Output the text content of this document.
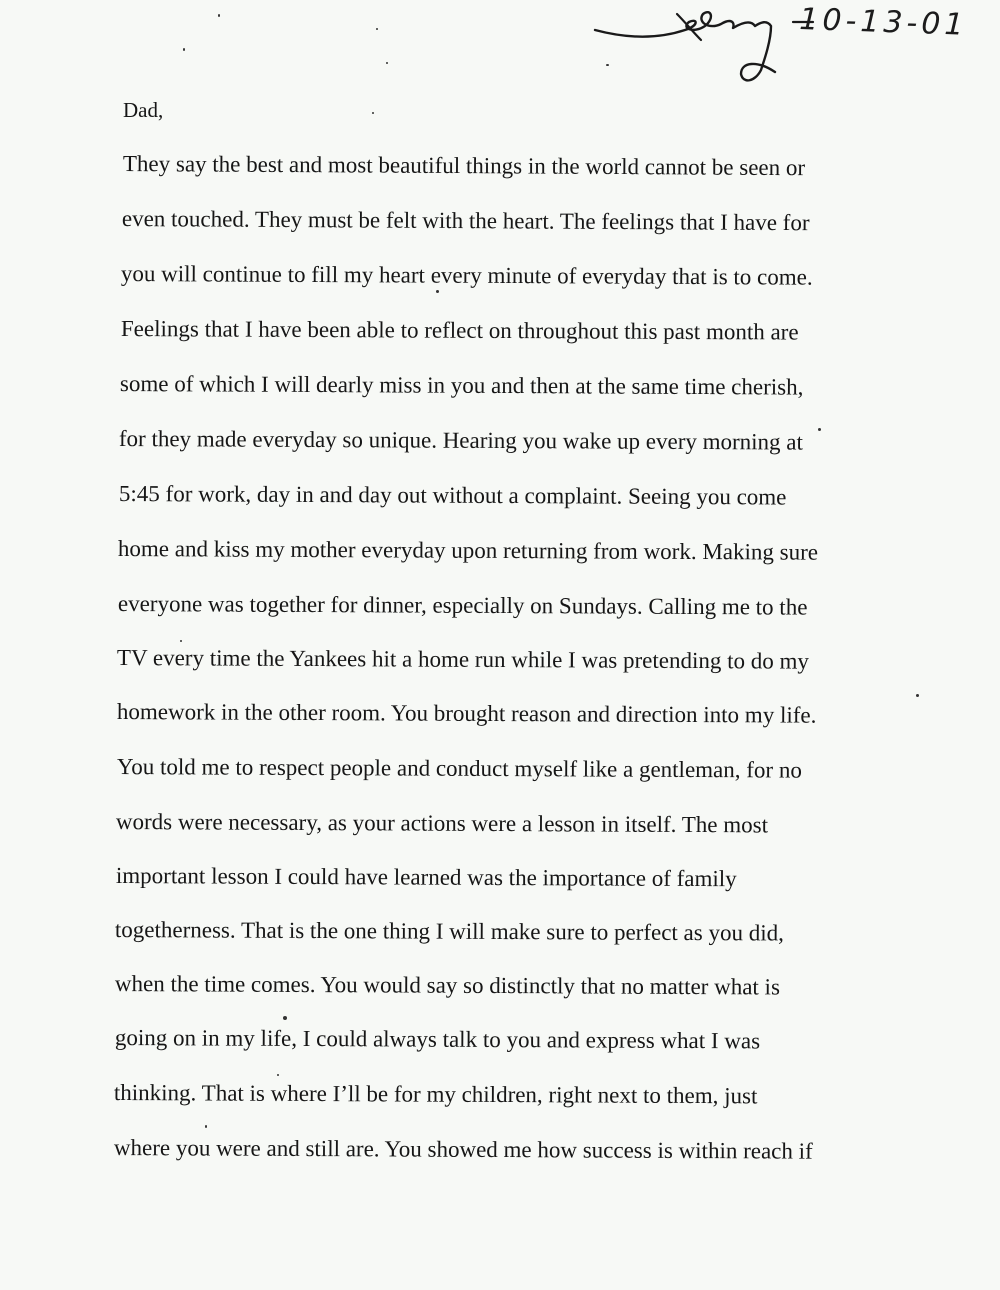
10-13-01

Dad,

They say the best and most beautiful things in the world cannot be seen or
even touched. They must be felt with the heart. The feelings that I have for
you will continue to fill my heart every minute of everyday that is to come.
Feelings that I have been able to reflect on throughout this past month are
some of which I will dearly miss in you and then at the same time cherish,
for they made everyday so unique. Hearing you wake up every morning at
5:45 for work, day in and day out without a complaint. Seeing you come
home and kiss my mother everyday upon returning from work. Making sure
everyone was together for dinner, especially on Sundays. Calling me to the
TV every time the Yankees hit a home run while I was pretending to do my
homework in the other room. You brought reason and direction into my life.
You told me to respect people and conduct myself like a gentleman, for no
words were necessary, as your actions were a lesson in itself. The most
important lesson I could have learned was the importance of family
togetherness. That is the one thing I will make sure to perfect as you did,
when the time comes. You would say so distinctly that no matter what is
going on in my life, I could always talk to you and express what I was
thinking. That is where I’ll be for my children, right next to them, just
where you were and still are. You showed me how success is within reach if
